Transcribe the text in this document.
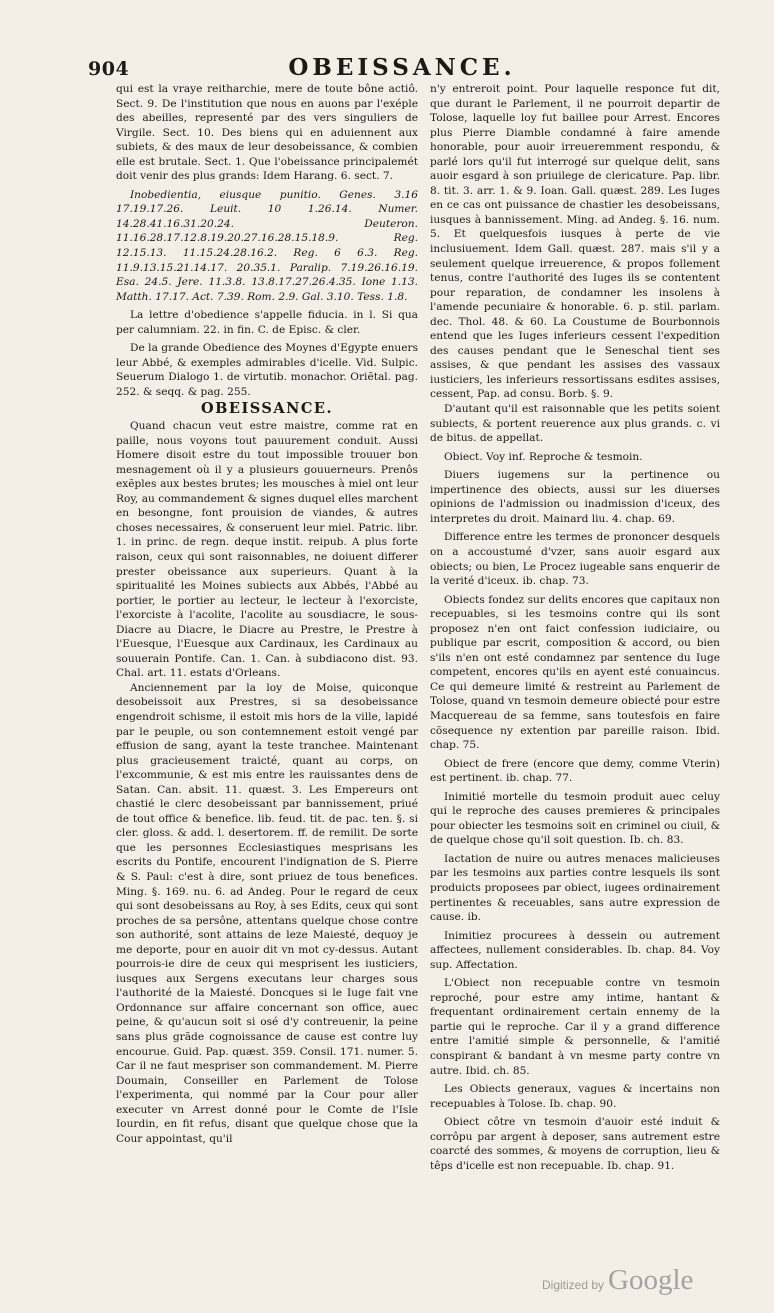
904	OBEISSANCE.

qui est la vraye reitharchie, mere de toute bône actiô. Sect. 9. De l'institution que nous en auons par l'exéple des abeilles, representé par des vers singuliers de Virgile. Sect. 10. Des biens qui en aduiennent aux subiets, & des maux de leur desobeissance, & combien elle est brutale. Sect. 1. Que l'obeissance principalemét doit venir des plus grands: Idem Harang. 6. sect. 7.

Inobedientia, eiusque punitio. Genes. 3.16 17.19.17.26. Leuit. 10 1.26.14. Numer. 14.28.41.16.31.20.24. Deuteron. 11.16.28.17.12.8.19.20.27.16.28.15.18.9. Reg. 12.15.13. 11.15.24.28.16.2. Reg. 6 6.3. Reg. 11.9.13.15.21.14.17. 20.35.1. Paralip. 7.19.26.16.19. Esa. 24.5. Jere. 11.3.8. 13.8.17.27.26.4.35. Ione 1.13. Matth. 17.17. Act. 7.39. Rom. 2.9. Gal. 3.10. Tess. 1.8.

La lettre d'obedience s'appelle fiducia. in l. Si qua per calumniam. 22. in fin. C. de Episc. & cler.

De la grande Obedience des Moynes d'Egypte enuers leur Abbé, & exemples admirables d'icelle. Vid. Sulpic. Seuerum Dialogo 1. de virtutib. monachor. Oriẽtal. pag. 252. & seqq. & pag. 255.

OBEISSANCE.

Quand chacun veut estre maistre, comme rat en paille, nous voyons tout pauurement conduit. Aussi Homere disoit estre du tout impossible trouuer bon mesnagement où il y a plusieurs gouuerneurs. Prenôs exẽples aux bestes brutes; les mousches à miel ont leur Roy, au commandement & signes duquel elles marchent en besongne, font prouision de viandes, & autres choses necessaires, & conseruent leur miel. Patric. libr. 1. in princ. de regn. deque instit. reipub. A plus forte raison, ceux qui sont raisonnables, ne doiuent differer prester obeissance aux superieurs. Quant à la spiritualité les Moines subiects aux Abbés, l'Abbé au portier, le portier au lecteur, le lecteur à l'exorciste, l'exorciste à l'acolite, l'acolite au sousdiacre, le sous-Diacre au Diacre, le Diacre au Prestre, le Prestre à l'Euesque, l'Euesque aux Cardinaux, les Cardinaux au souuerain Pontife. Can. 1. Can. à subdiacono dist. 93. Chal. art. 11. estats d'Orleans.

Anciennement par la loy de Moise, quiconque desobeissoit aux Prestres, si sa desobeissance engendroit schisme, il estoit mis hors de la ville, lapidé par le peuple, ou son contemnement estoit vengé par effusion de sang, ayant la teste tranchee. Maintenant plus gracieusement traicté, quant au corps, on l'excommunie, & est mis entre les rauissantes dens de Satan. Can. absit. 11. quæst. 3. Les Empereurs ont chastié le clerc desobeissant par bannissement, priué de tout office & benefice. lib. feud. tit. de pac. ten. §. si cler. gloss. & add. l. desertorem. ff. de remilit. De sorte que les personnes Ecclesiastiques mesprisans les escrits du Pontife, encourent l'indignation de S. Pierre & S. Paul: c'est à dire, sont priuez de tous benefices. Ming. §. 169. nu. 6. ad Andeg. Pour le regard de ceux qui sont desobeissans au Roy, à ses Edits, ceux qui sont proches de sa persône, attentans quelque chose contre son authorité, sont attains de leze Maiesté, dequoy je me deporte, pour en auoir dit vn mot cy-dessus. Autant pourrois-ie dire de ceux qui mesprisent les iusticiers, iusques aux Sergens executans leur charges sous l'authorité de la Maiesté. Doncques si le Iuge fait vne Ordonnance sur affaire concernant son office, auec peine, & qu'aucun soit si osé d'y contreuenir, la peine sans plus grãde cognoissance de cause est contre luy encourue. Guid. Pap. quæst. 359. Consil. 171. numer. 5. Car il ne faut mespriser son commandement. M. Pierre Doumain, Conseiller en Parlement de Tolose l'experimenta, qui nommé par la Cour pour aller executer vn Arrest donné pour le Comte de l'Isle Iourdin, en fit refus, disant que quelque chose que la Cour appointast, qu'il

n'y entreroit point. Pour laquelle responce fut dit, que durant le Parlement, il ne pourroit departir de Tolose, laquelle loy fut baillee pour Arrest. Encores plus Pierre Diamble condamné à faire amende honorable, pour auoir irreueremment respondu, & parlé lors qu'il fut interrogé sur quelque delit, sans auoir esgard à son priuilege de clericature. Pap. libr. 8. tit. 3. arr. 1. & 9. Ioan. Gall. quæst. 289. Les Iuges en ce cas ont puissance de chastier les desobeissans, iusques à bannissement. Ming. ad Andeg. §. 16. num. 5. Et quelquesfois iusques à perte de vie inclusiuement. Idem Gall. quæst. 287. mais s'il y a seulement quelque irreuerence, & propos follement tenus, contre l'authorité des Iuges ils se contentent pour reparation, de condamner les insolens à l'amende pecuniaire & honorable. 6. p. stil. parlam. dec. Thol. 48. & 60. La Coustume de Bourbonnois entend que les Iuges inferieurs cessent l'expedition des causes pendant que le Seneschal tient ses assises, & que pendant les assises des vassaux iusticiers, les inferieurs ressortissans esdites assises, cessent, Pap. ad consu. Borb. §. 9.

D'autant qu'il est raisonnable que les petits soient subiects, & portent reuerence aux plus grands. c. vi de bitus. de appellat.

Obiect. Voy inf. Reproche & tesmoin.

Diuers iugemens sur la pertinence ou impertinence des obiects, aussi sur les diuerses opinions de l'admission ou inadmission d'iceux, des interpretes du droit. Mainard liu. 4. chap. 69.

Difference entre les termes de prononcer desquels on a accoustumé d'vzer, sans auoir esgard aux obiects; ou bien, Le Procez iugeable sans enquerir de la verité d'iceux. ib. chap. 73.

Obiects fondez sur delits encores que capitaux non recepuables, si les tesmoins contre qui ils sont proposez n'en ont faict confession iudiciaire, ou publique par escrit, composition & accord, ou bien s'ils n'en ont esté condamnez par sentence du Iuge competent, encores qu'ils en ayent esté conuaincus. Ce qui demeure limité & restreint au Parlement de Tolose, quand vn tesmoin demeure obiecté pour estre Macquereau de sa femme, sans toutesfois en faire cõsequence ny extention par pareille raison. Ibid. chap. 75.

Obiect de frere (encore que demy, comme Vterin) est pertinent. ib. chap. 77.

Inimitié mortelle du tesmoin produit auec celuy qui le reproche des causes premieres & principales pour obiecter les tesmoins soit en criminel ou ciuil, & de quelque chose qu'il soit question. Ib. ch. 83.

Iactation de nuire ou autres menaces malicieuses par les tesmoins aux parties contre lesquels ils sont produicts proposees par obiect, iugees ordinairement pertinentes & receuables, sans autre expression de cause. ib.

Inimitiez procurees à dessein ou autrement affectees, nullement considerables. Ib. chap. 84. Voy sup. Affectation.

L'Obiect non recepuable contre vn tesmoin reproché, pour estre amy intime, hantant & frequentant ordinairement certain ennemy de la partie qui le reproche. Car il y a grand difference entre l'amitié simple & personnelle, & l'amitié conspirant & bandant à vn mesme party contre vn autre. Ibid. ch. 85.

Les Obiects generaux, vagues & incertains non recepuables à Tolose. Ib. chap. 90.

Obiect côtre vn tesmoin d'auoir esté induit & corrôpu par argent à deposer, sans autrement estre coarcté des sommes, & moyens de corruption, lieu & têps d'icelle est non recepuable. Ib. chap. 91.

Digitized by Google
